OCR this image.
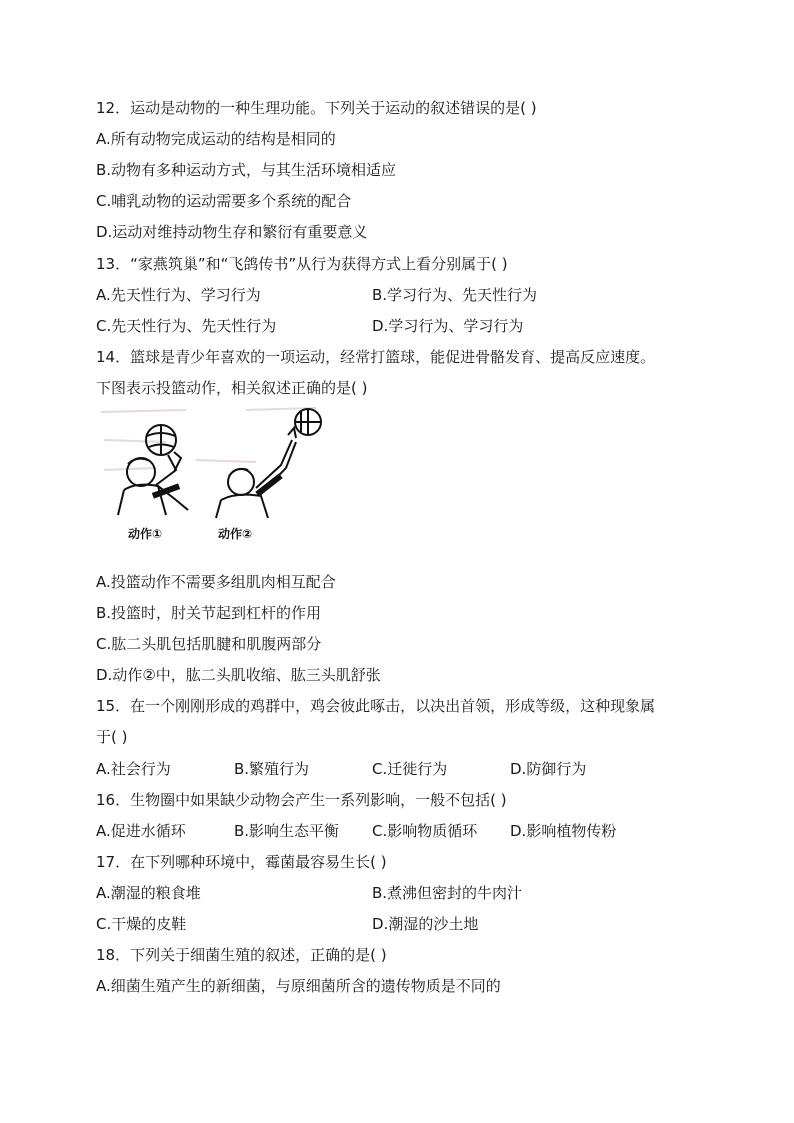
12．运动是动物的一种生理功能。下列关于运动的叙述错误的是( )
A.所有动物完成运动的结构是相同的
B.动物有多种运动方式，与其生活环境相适应
C.哺乳动物的运动需要多个系统的配合
D.运动对维持动物生存和繁衍有重要意义
13．“家燕筑巢”和“飞鸽传书”从行为获得方式上看分别属于( )
A.先天性行为、学习行为	B.学习行为、先天性行为
C.先天性行为、先天性行为	D.学习行为、学习行为
14．篮球是青少年喜欢的一项运动，经常打篮球，能促进骨骼发育、提高反应速度。
下图表示投篮动作，相关叙述正确的是( )
动作①	动作②
A.投篮动作不需要多组肌肉相互配合
B.投篮时，肘关节起到杠杆的作用
C.肱二头肌包括肌腱和肌腹两部分
D.动作②中，肱二头肌收缩、肱三头肌舒张
15．在一个刚刚形成的鸡群中，鸡会彼此啄击，以决出首领，形成等级，这种现象属
于( )
A.社会行为	B.繁殖行为	C.迁徙行为	D.防御行为
16．生物圈中如果缺少动物会产生一系列影响，一般不包括( )
A.促进水循环	B.影响生态平衡 C.影响物质循环 D.影响植物传粉
17．在下列哪种环境中，霉菌最容易生长( )
A.潮湿的粮食堆	B.煮沸但密封的牛肉汁
C.干燥的皮鞋	D.潮湿的沙土地
18．下列关于细菌生殖的叙述，正确的是( )
A.细菌生殖产生的新细菌，与原细菌所含的遗传物质是不同的
